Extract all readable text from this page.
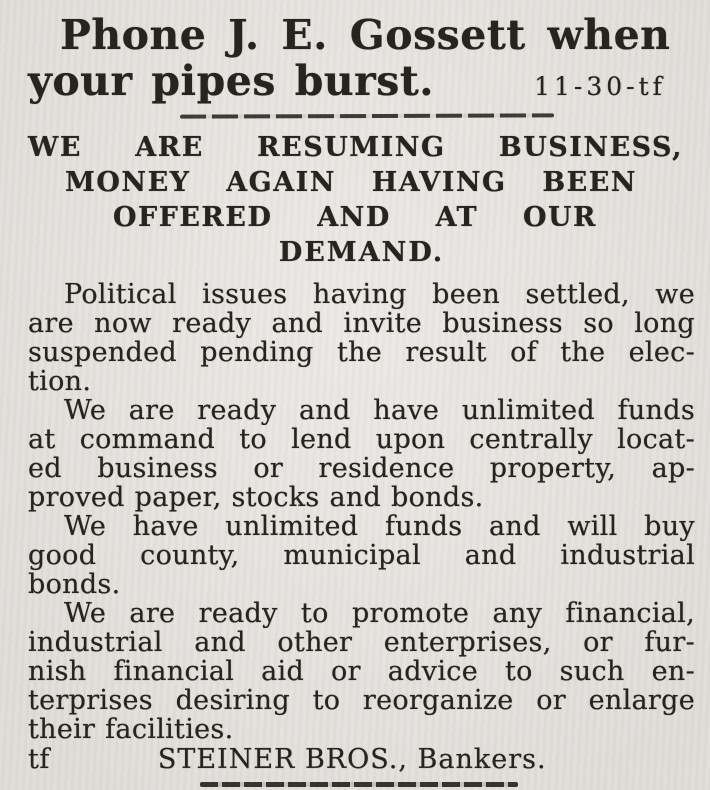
Phone J. E. Gossett when
your pipes burst.	11-30-tf
WE ARE RESUMING BUSINESS,
MONEY AGAIN HAVING BEEN
OFFERED AND AT OUR
DEMAND.
Political issues having been settled, we
are now ready and invite business so long
suspended pending the result of the elec-
tion.
We are ready and have unlimited funds
at command to lend upon centrally locat-
ed business or residence property, ap-
proved paper, stocks and bonds.
We have unlimited funds and will buy
good county, municipal and industrial
bonds.
We are ready to promote any financial,
industrial and other enterprises, or fur-
nish financial aid or advice to such en-
terprises desiring to reorganize or enlarge
their facilities.
tf	STEINER BROS., Bankers.
